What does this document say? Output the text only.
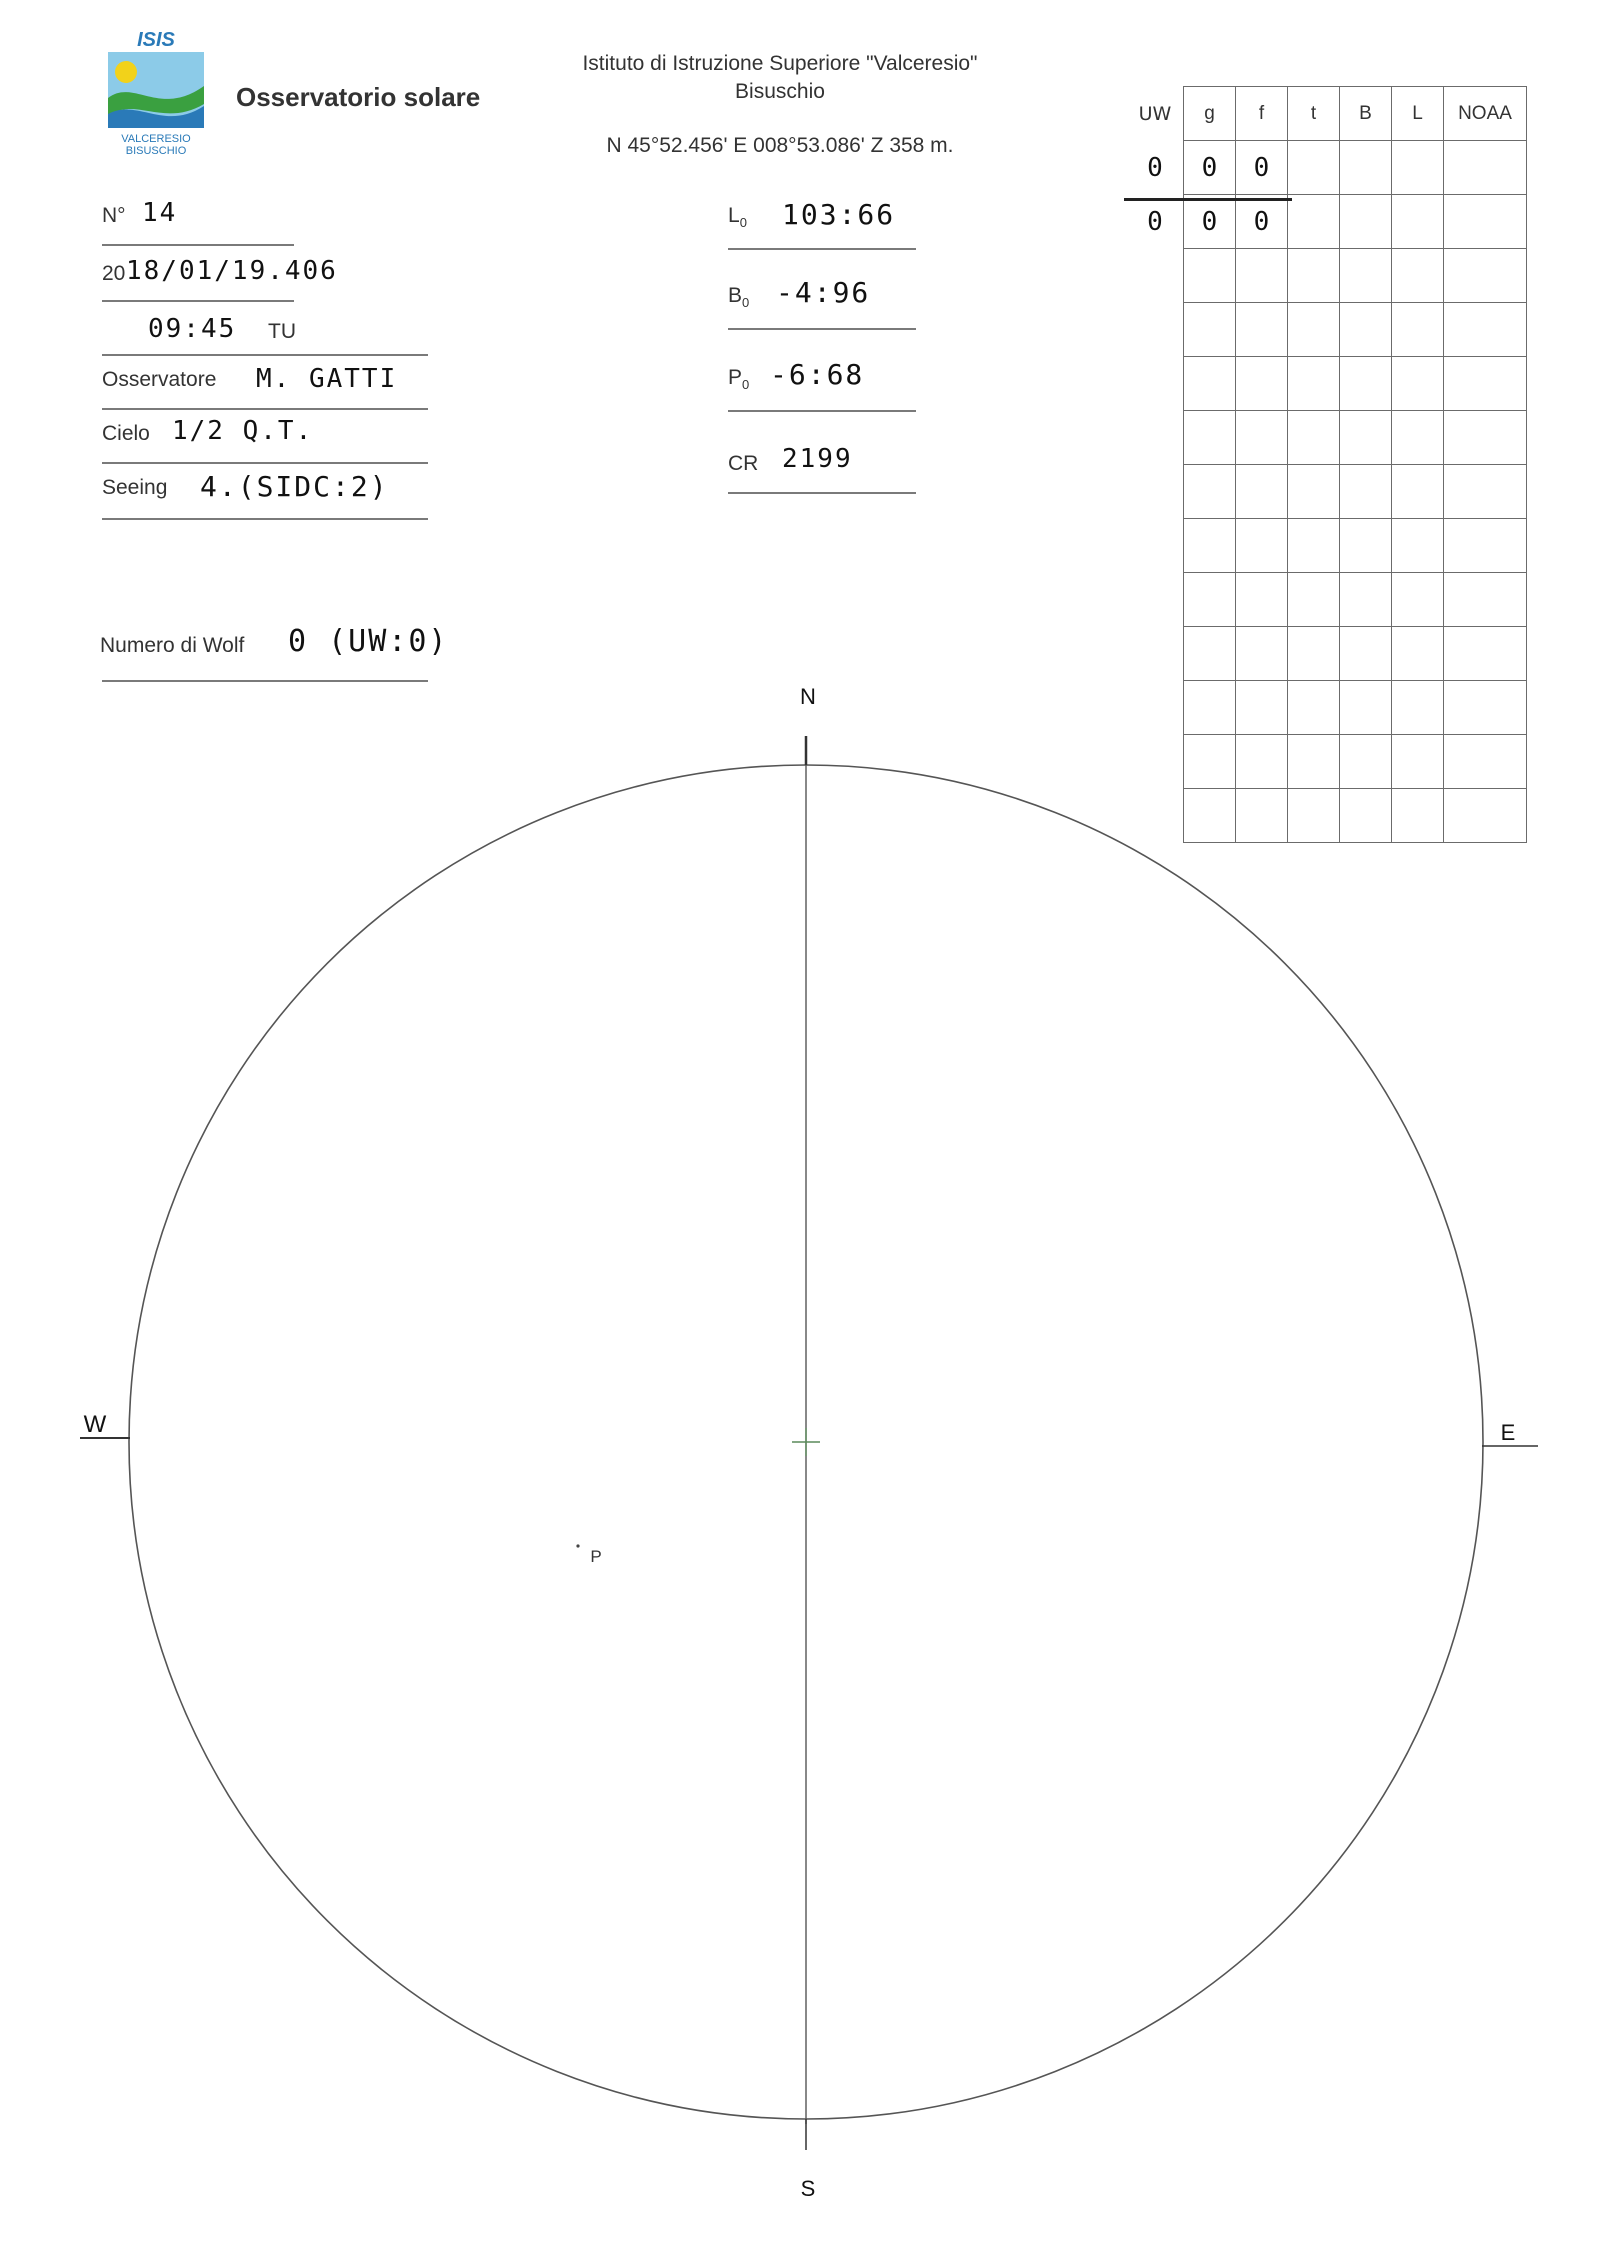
ISIS
VALCERESIO
BISUSCHIO
Osservatorio solare
Istituto di Istruzione Superiore "Valceresio"
Bisuschio
N 45°52.456' E 008°53.086' Z 358 m.
N° 14
20 18/01/19.406
09:45 TU
Osservatore M. GATTI
Cielo 1/2 Q.T.
Seeing 4.(SIDC:2)
Numero di Wolf 0 (UW:0)
$L_0$ 103:66
$B_0$ -4:96
$P_0$ -6:68
CR 2199
UW	g	f	t	B	L	NOAA
0	0	0				
0	0	0				

N
S
W	E
P
